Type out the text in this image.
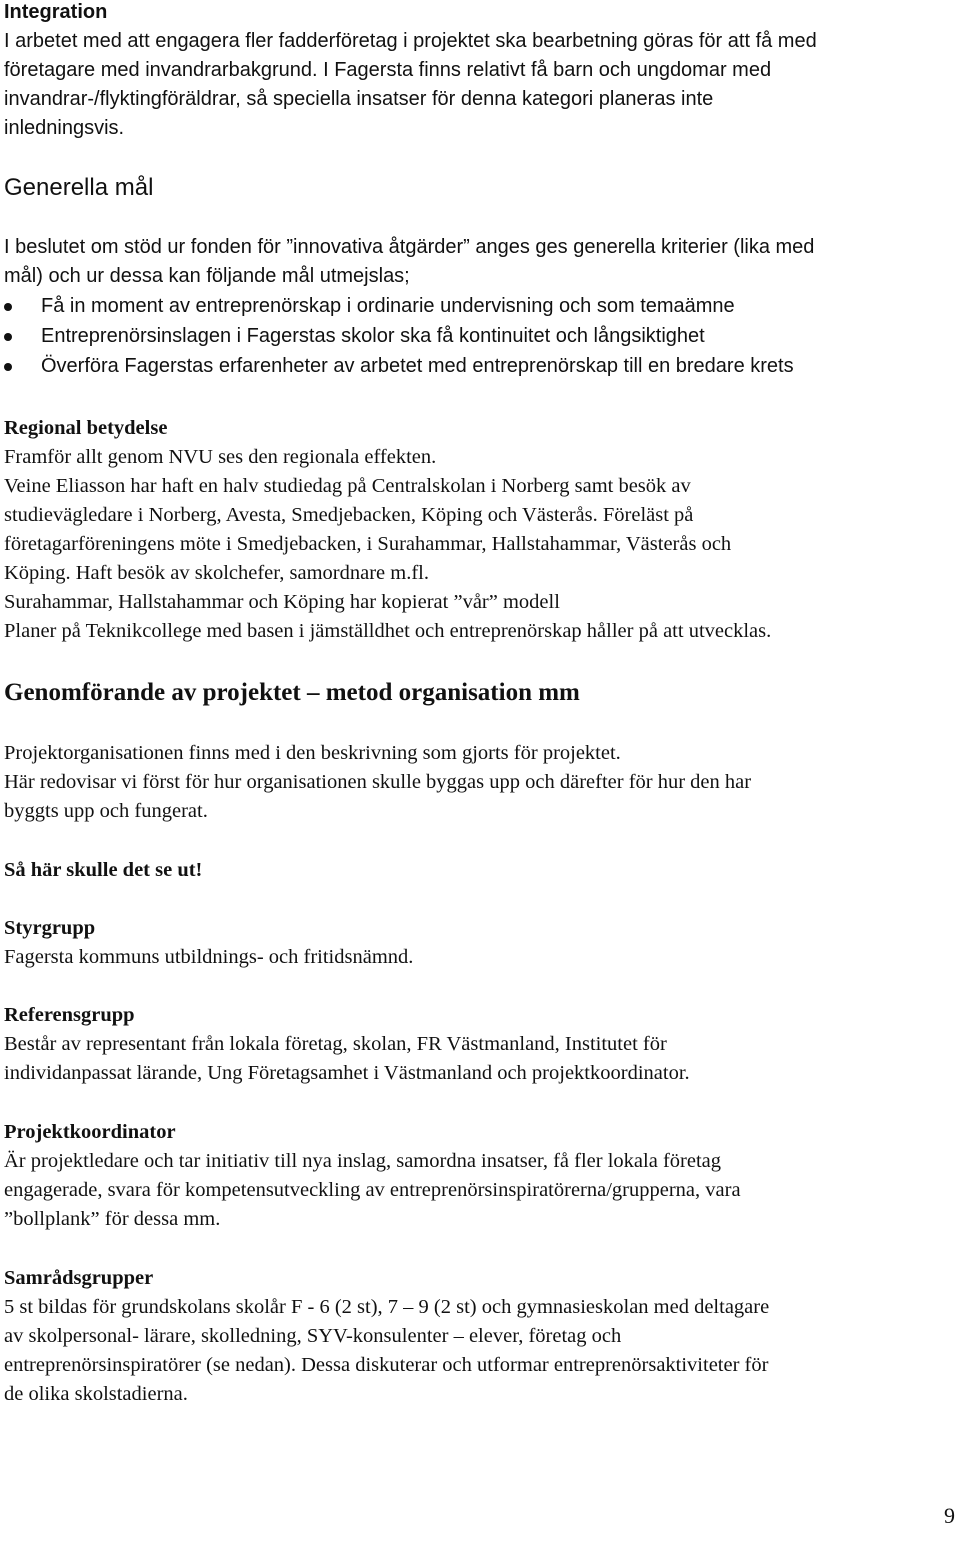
Integration

I arbetet med att engagera fler fadderföretag i projektet ska bearbetning göras för att få med

företagare med invandrarbakgrund. I Fagersta finns relativt få barn och ungdomar med

invandrar-/flyktingföräldrar, så speciella insatser för denna kategori planeras inte

inledningsvis.

Generella mål

I beslutet om stöd ur fonden för ”innovativa åtgärder” anges ges generella kriterier (lika med

mål) och ur dessa kan följande mål utmejslas;

Få in moment av entreprenörskap i ordinarie undervisning och som temaämne
Entreprenörsinslagen i Fagerstas skolor ska få kontinuitet och långsiktighet
Överföra Fagerstas erfarenheter av arbetet med entreprenörskap till en bredare krets

Regional betydelse

Framför allt genom NVU ses den regionala effekten.

Veine Eliasson har haft en halv studiedag på Centralskolan i Norberg samt besök av

studievägledare i Norberg, Avesta, Smedjebacken, Köping och Västerås. Föreläst på

företagarföreningens möte i Smedjebacken, i Surahammar, Hallstahammar, Västerås och

Köping. Haft besök av skolchefer, samordnare m.fl.

Surahammar, Hallstahammar och Köping har kopierat ”vår” modell

Planer på Teknikcollege med basen i jämställdhet och entreprenörskap håller på att utvecklas.

Genomförande av projektet – metod organisation mm

Projektorganisationen finns med i den beskrivning som gjorts för projektet.

Här redovisar vi först för hur organisationen skulle byggas upp och därefter för hur den har

byggts upp och fungerat.

Så här skulle det se ut!

Styrgrupp

Fagersta kommuns utbildnings- och fritidsnämnd.

Referensgrupp

Består av representant från lokala företag, skolan, FR Västmanland, Institutet för

individanpassat lärande, Ung Företagsamhet i Västmanland och projektkoordinator.

Projektkoordinator

Är projektledare och tar initiativ till nya inslag, samordna insatser, få fler lokala företag

engagerade, svara för kompetensutveckling av entreprenörsinspiratörerna/grupperna, vara

”bollplank” för dessa mm.

Samrådsgrupper

5 st bildas för grundskolans skolår F - 6 (2 st), 7 – 9 (2 st) och gymnasieskolan med deltagare

av skolpersonal- lärare, skolledning, SYV-konsulenter – elever, företag och

entreprenörsinspiratörer (se nedan). Dessa diskuterar och utformar entreprenörsaktiviteter för

de olika skolstadierna.

9
